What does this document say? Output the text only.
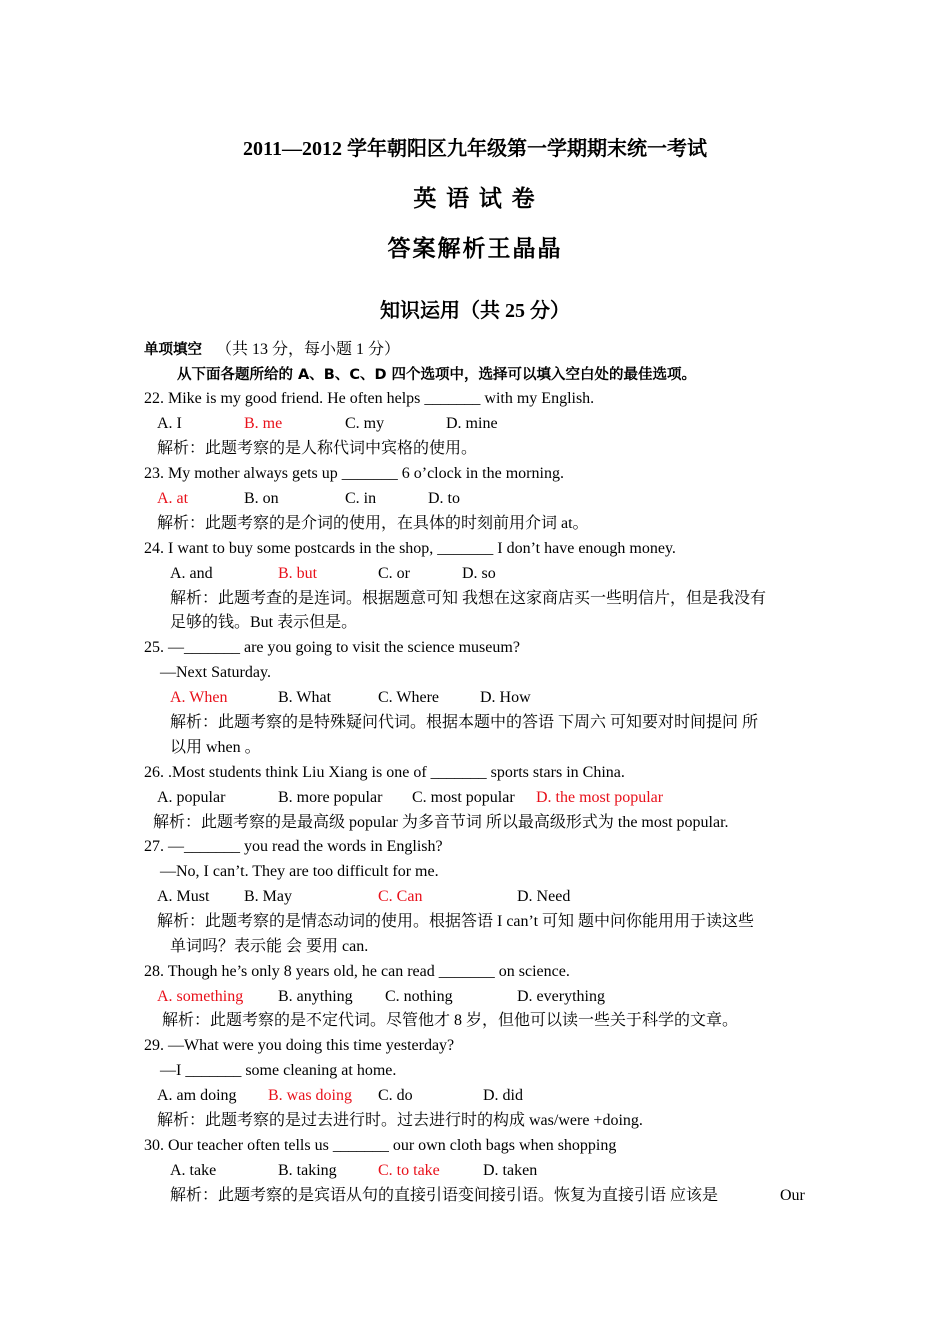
2011—2012 学年朝阳区九年级第一学期期末统一考试
英 语 试 卷
答案解析王晶晶
知识运用（共 25 分）
单项填空 （共 13 分，每小题 1 分）
从下面各题所给的 A、B、C、D 四个选项中，选择可以填入空白处的最佳选项。
22. Mike is my good friend. He often helps _______ with my English.
A. I	B. me	C. my	D. mine
解析：此题考察的是人称代词中宾格的使用。
23. My mother always gets up _______ 6 o’clock in the morning.
A. at	B. on	C. in	D. to
解析：此题考察的是介词的使用，在具体的时刻前用介词 at。
24. I want to buy some postcards in the shop, _______ I don’t have enough money.
A. and	B. but	C. or	D. so
解析：此题考查的是连词。根据题意可知 我想在这家商店买一些明信片，但是我没有
足够的钱。But 表示但是。
25. —_______ are you going to visit the science museum?
—Next Saturday.
A. When	B. What	C. Where	D. How
解析：此题考察的是特殊疑问代词。根据本题中的答语 下周六 可知要对时间提问 所
以用 when 。
26. .Most students think Liu Xiang is one of _______ sports stars in China.
A. popular	B. more popular C. most popular D. the most popular
解析：此题考察的是最高级 popular 为多音节词 所以最高级形式为 the most popular.
27. —_______ you read the words in English?
—No, I can’t. They are too difficult for me.
A. Must B. May	C. Can	D. Need
解析：此题考察的是情态动词的使用。根据答语 I can’t 可知 题中问你能用用于读这些
单词吗？表示能 会 要用 can.
28. Though he’s only 8 years old, he can read _______ on science.
A. something B. anything C. nothing	D. everything
解析：此题考察的是不定代词。尽管他才 8 岁，但他可以读一些关于科学的文章。
29. —What were you doing this time yesterday?
—I _______ some cleaning at home.
A. am doing B. was doing C. do	D. did
解析：此题考察的是过去进行时。过去进行时的构成 was/were +doing.
30. Our teacher often tells us _______ our own cloth bags when shopping
A. take	B. taking	C. to take	D. taken
解析：此题考察的是宾语从句的直接引语变间接引语。恢复为直接引语 应该是	Our
